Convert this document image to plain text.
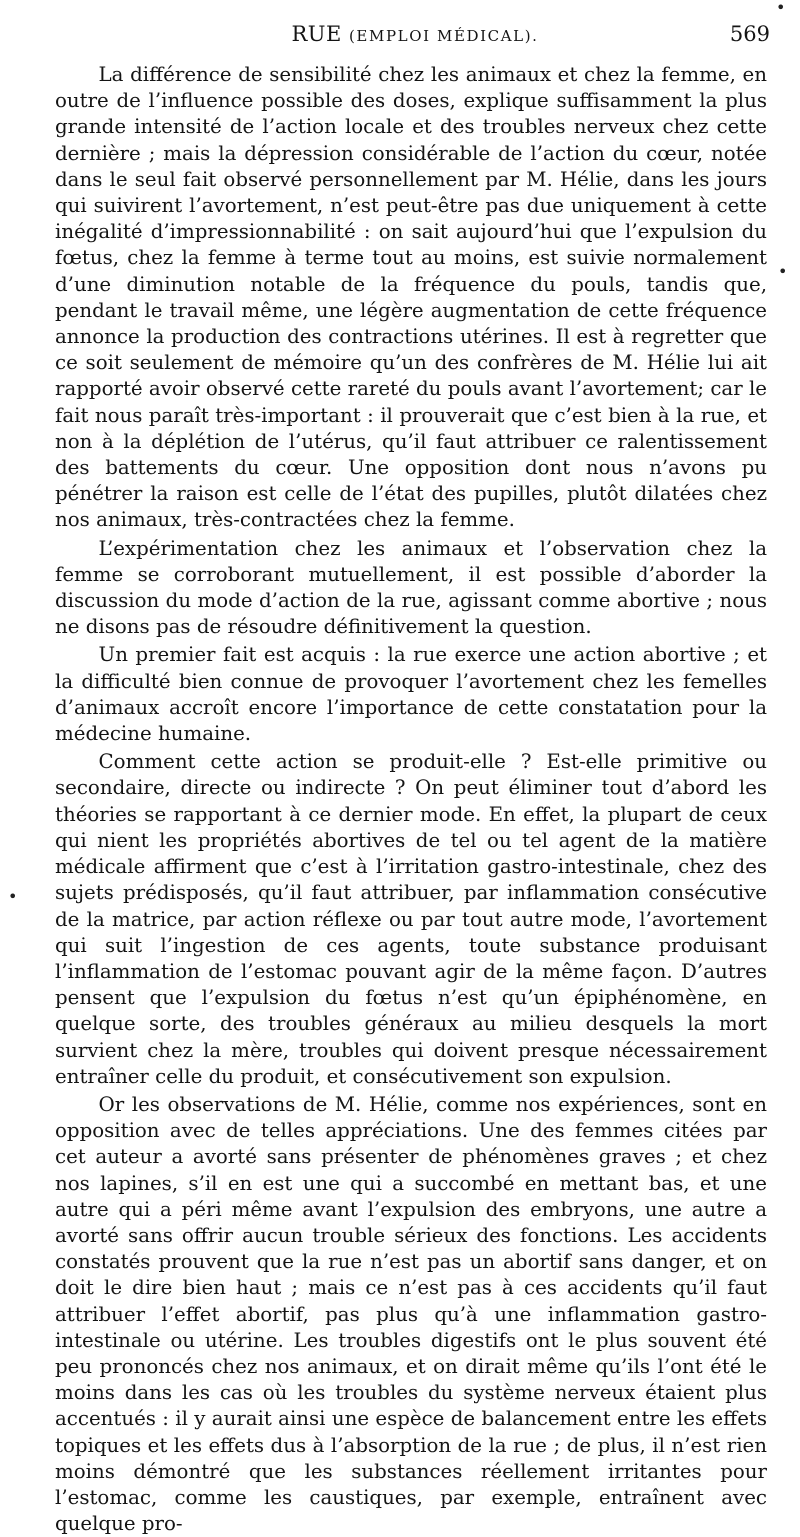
RUE (EMPLOI MÉDICAL).	569

La différence de sensibilité chez les animaux et chez la femme, en outre de l’influence possible des doses, explique suffisamment la plus grande intensité de l’action locale et des troubles nerveux chez cette dernière ; mais la dépression considérable de l’action du cœur, notée dans le seul fait observé personnellement par M. Hélie, dans les jours qui suivirent l’avortement, n’est peut-être pas due uniquement à cette inégalité d’impressionnabilité : on sait aujourd’hui que l’expulsion du fœtus, chez la femme à terme tout au moins, est suivie normalement d’une diminution notable de la fréquence du pouls, tandis que, pendant le travail même, une légère augmentation de cette fréquence annonce la production des contractions utérines. Il est à regretter que ce soit seulement de mémoire qu’un des confrères de M. Hélie lui ait rapporté avoir observé cette rareté du pouls avant l’avortement; car le fait nous paraît très-important : il prouverait que c’est bien à la rue, et non à la déplétion de l’utérus, qu’il faut attribuer ce ralentissement des battements du cœur. Une opposition dont nous n’avons pu pénétrer la raison est celle de l’état des pupilles, plutôt dilatées chez nos animaux, très-contractées chez la femme.

L’expérimentation chez les animaux et l’observation chez la femme se corroborant mutuellement, il est possible d’aborder la discussion du mode d’action de la rue, agissant comme abortive ; nous ne disons pas de résoudre définitivement la question.

Un premier fait est acquis : la rue exerce une action abortive ; et la difficulté bien connue de provoquer l’avortement chez les femelles d’animaux accroît encore l’importance de cette constatation pour la médecine humaine.

Comment cette action se produit-elle ? Est-elle primitive ou secondaire, directe ou indirecte ? On peut éliminer tout d’abord les théories se rapportant à ce dernier mode. En effet, la plupart de ceux qui nient les propriétés abortives de tel ou tel agent de la matière médicale affirment que c’est à l’irritation gastro-intestinale, chez des sujets prédisposés, qu’il faut attribuer, par inflammation consécutive de la matrice, par action réflexe ou par tout autre mode, l’avortement qui suit l’ingestion de ces agents, toute substance produisant l’inflammation de l’estomac pouvant agir de la même façon. D’autres pensent que l’expulsion du fœtus n’est qu’un épiphénomène, en quelque sorte, des troubles généraux au milieu desquels la mort survient chez la mère, troubles qui doivent presque nécessairement entraîner celle du produit, et consécutivement son expulsion.

Or les observations de M. Hélie, comme nos expériences, sont en opposition avec de telles appréciations. Une des femmes citées par cet auteur a avorté sans présenter de phénomènes graves ; et chez nos lapines, s’il en est une qui a succombé en mettant bas, et une autre qui a péri même avant l’expulsion des embryons, une autre a avorté sans offrir aucun trouble sérieux des fonctions. Les accidents constatés prouvent que la rue n’est pas un abortif sans danger, et on doit le dire bien haut ; mais ce n’est pas à ces accidents qu’il faut attribuer l’effet abortif, pas plus qu’à une inflammation gastro-intestinale ou utérine. Les troubles digestifs ont le plus souvent été peu prononcés chez nos animaux, et on dirait même qu’ils l’ont été le moins dans les cas où les troubles du système nerveux étaient plus accentués : il y aurait ainsi une espèce de balancement entre les effets topiques et les effets dus à l’absorption de la rue ; de plus, il n’est rien moins démontré que les substances réellement irritantes pour l’estomac, comme les caustiques, par exemple, entraînent avec quelque pro-

•
•
•
